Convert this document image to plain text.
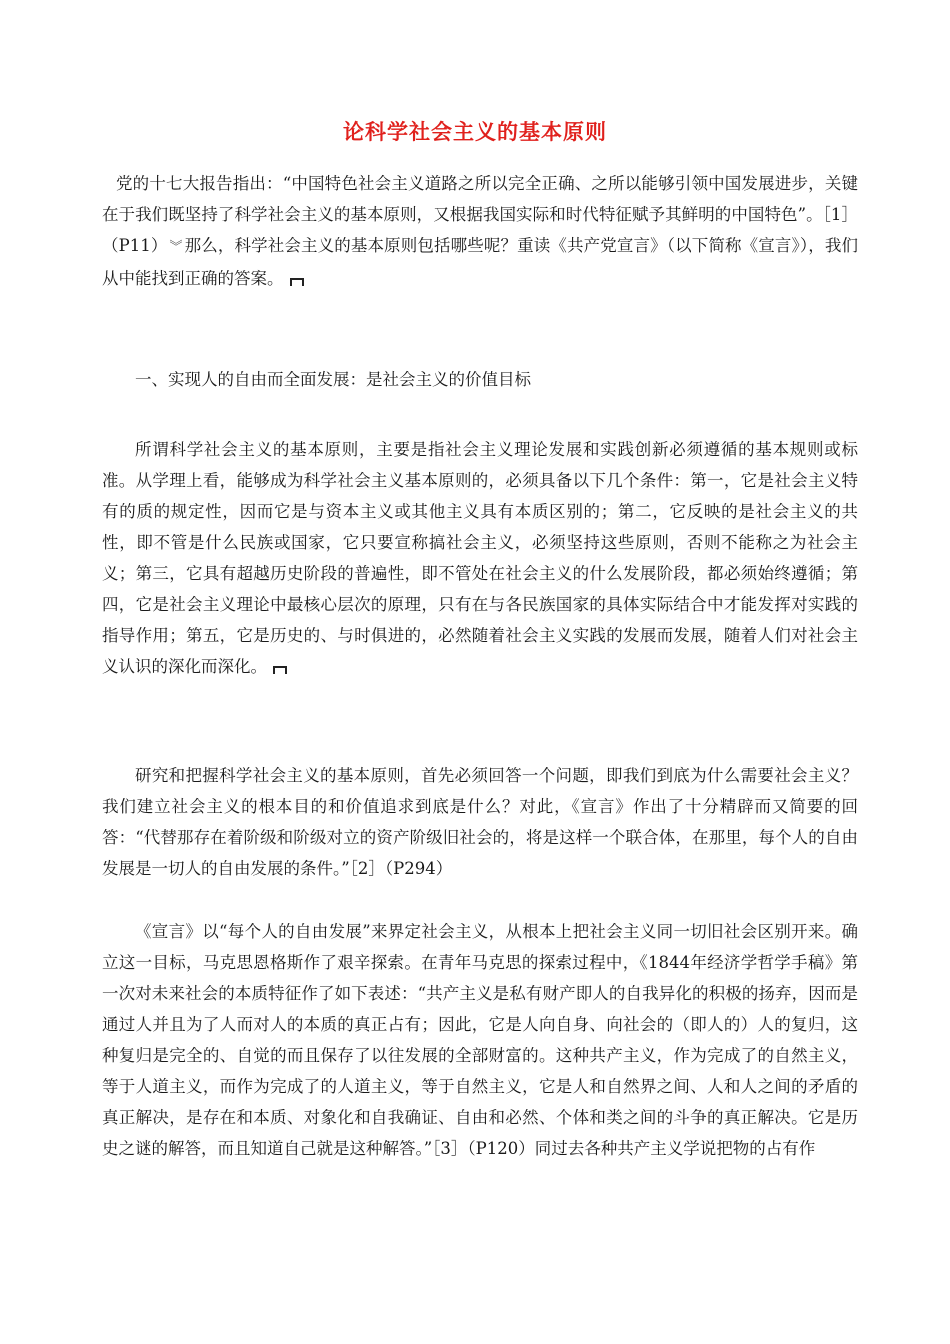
论科学社会主义的基本原则

党的十七大报告指出：“中国特色社会主义道路之所以完全正确、之所以能够引领中国发展进步，关键在于我们既坚持了科学社会主义的基本原则，又根据我国实际和时代特征赋予其鲜明的中国特色”。［1］（P11） ︾ 那么，科学社会主义的基本原则包括哪些呢？重读《共产党宣言》（以下简称《宣言》），我们从中能找到正确的答案。

一、实现人的自由而全面发展：是社会主义的价值目标

所谓科学社会主义的基本原则，主要是指社会主义理论发展和实践创新必须遵循的基本规则或标准。从学理上看，能够成为科学社会主义基本原则的，必须具备以下几个条件：第一，它是社会主义特有的质的规定性，因而它是与资本主义或其他主义具有本质区别的；第二，它反映的是社会主义的共性，即不管是什么民族或国家，它只要宣称搞社会主义，必须坚持这些原则，否则不能称之为社会主义；第三，它具有超越历史阶段的普遍性，即不管处在社会主义的什么发展阶段，都必须始终遵循；第四，它是社会主义理论中最核心层次的原理，只有在与各民族国家的具体实际结合中才能发挥对实践的指导作用；第五，它是历史的、与时俱进的，必然随着社会主义实践的发展而发展，随着人们对社会主义认识的深化而深化。

研究和把握科学社会主义的基本原则，首先必须回答一个问题，即我们到底为什么需要社会主义？我们建立社会主义的根本目的和价值追求到底是什么？对此，《宣言》作出了十分精辟而又简要的回答：“代替那存在着阶级和阶级对立的资产阶级旧社会的，将是这样一个联合体，在那里，每个人的自由发展是一切人的自由发展的条件。”［2］（P294）

《宣言》以“每个人的自由发展”来界定社会主义，从根本上把社会主义同一切旧社会区别开来。确立这一目标，马克思恩格斯作了艰辛探索。在青年马克思的探索过程中，《1844年经济学哲学手稿》第一次对未来社会的本质特征作了如下表述：“共产主义是私有财产即人的自我异化的积极的扬弃，因而是通过人并且为了人而对人的本质的真正占有；因此，它是人向自身、向社会的（即人的）人的复归，这种复归是完全的、自觉的而且保存了以往发展的全部财富的。这种共产主义，作为完成了的自然主义，等于人道主义，而作为完成了的人道主义，等于自然主义，它是人和自然界之间、人和人之间的矛盾的真正解决，是存在和本质、对象化和自我确证、自由和必然、个体和类之间的斗争的真正解决。它是历史之谜的解答，而且知道自己就是这种解答。”［3］（P120）同过去各种共产主义学说把物的占有作
